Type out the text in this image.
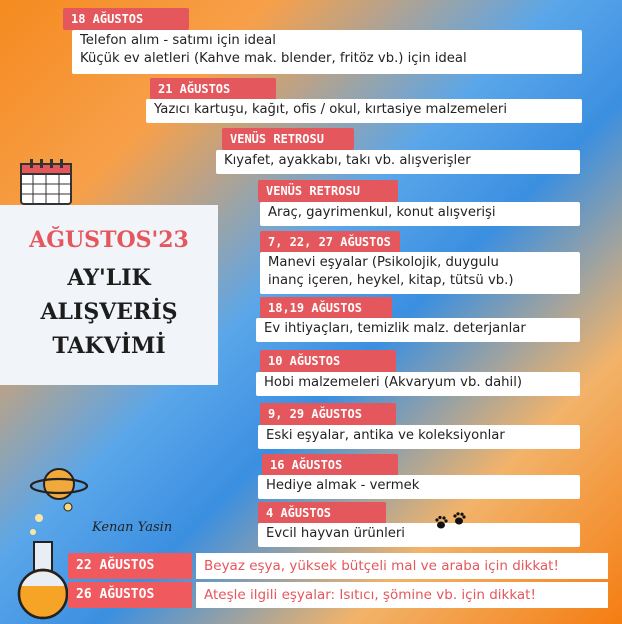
AĞUSTOS'23
AY'LIK
ALIŞVERİŞ
TAKVİMİ
18 AĞUSTOS
Telefon alım - satımı için ideal
Küçük ev aletleri (Kahve mak. blender, fritöz vb.) için ideal
21 AĞUSTOS
Yazıcı kartuşu, kağıt, ofis / okul, kırtasiye malzemeleri
VENÜS RETROSU
Kıyafet, ayakkabı, takı vb. alışverişler
VENÜS RETROSU
Araç, gayrimenkul, konut alışverişi
7, 22, 27 AĞUSTOS
Manevi eşyalar (Psikolojik, duygulu
inanç içeren, heykel, kitap, tütsü vb.)
18,19 AĞUSTOS
Ev ihtiyaçları, temizlik malz. deterjanlar
10 AĞUSTOS
Hobi malzemeleri (Akvaryum vb. dahil)
9, 29 AĞUSTOS
Eski eşyalar, antika ve koleksiyonlar
16 AĞUSTOS
Hediye almak - vermek
4 AĞUSTOS
Evcil hayvan ürünleri
Kenan Yasin
22 AĞUSTOS	Beyaz eşya, yüksek bütçeli mal ve araba için dikkat!
26 AĞUSTOS	Ateşle ilgili eşyalar: Isıtıcı, şömine vb. için dikkat!
